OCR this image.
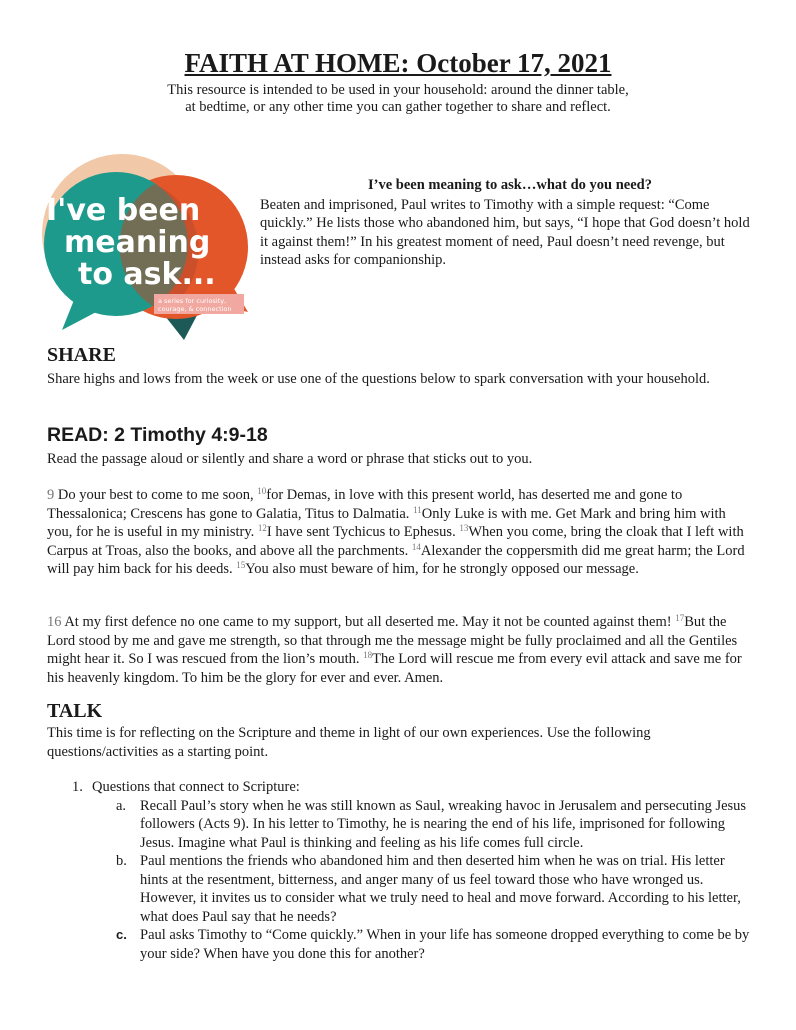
FAITH AT HOME: October 17, 2021
This resource is intended to be used in your household: around the dinner table,
at bedtime, or any other time you can gather together to share and reflect.
I've been
meaning
to ask...
a series for curiosity,
courage, & connection

I’ve been meaning to ask…what do you need?

Beaten and imprisoned, Paul writes to Timothy with a simple request: “Come quickly.” He lists those who abandoned him, but says, “I hope that God doesn’t hold it against them!” In his greatest moment of need, Paul doesn’t need revenge, but instead asks for companionship.

SHARE
Share highs and lows from the week or use one of the questions below to spark conversation with your household.
READ: 2 Timothy 4:9-18
Read the passage aloud or silently and share a word or phrase that sticks out to you.
9 Do your best to come to me soon, $^{10}$for Demas, in love with this present world, has deserted me and gone to Thessalonica; Crescens has gone to Galatia, Titus to Dalmatia. $^{11}$Only Luke is with me. Get Mark and bring him with you, for he is useful in my ministry. $^{12}$I have sent Tychicus to Ephesus. $^{13}$When you come, bring the cloak that I left with Carpus at Troas, also the books, and above all the parchments. $^{14}$Alexander the coppersmith did me great harm; the Lord will pay him back for his deeds. $^{15}$You also must beware of him, for he strongly opposed our message.
16 At my first defence no one came to my support, but all deserted me. May it not be counted against them! $^{17}$But the Lord stood by me and gave me strength, so that through me the message might be fully proclaimed and all the Gentiles might hear it. So I was rescued from the lion’s mouth. $^{18}$The Lord will rescue me from every evil attack and save me for his heavenly kingdom. To him be the glory for ever and ever. Amen.
TALK
This time is for reflecting on the Scripture and theme in light of our own experiences. Use the following questions/activities as a starting point.
1. Questions that connect to Scripture:
a. Recall Paul’s story when he was still known as Saul, wreaking havoc in Jerusalem and persecuting Jesus followers (Acts 9). In his letter to Timothy, he is nearing the end of his life, imprisoned for following Jesus. Imagine what Paul is thinking and feeling as his life comes full circle.
b. Paul mentions the friends who abandoned him and then deserted him when he was on trial. His letter hints at the resentment, bitterness, and anger many of us feel toward those who have wronged us. However, it invites us to consider what we truly need to heal and move forward. According to his letter, what does Paul say that he needs?
c. Paul asks Timothy to “Come quickly.” When in your life has someone dropped everything to come be by your side? When have you done this for another?
